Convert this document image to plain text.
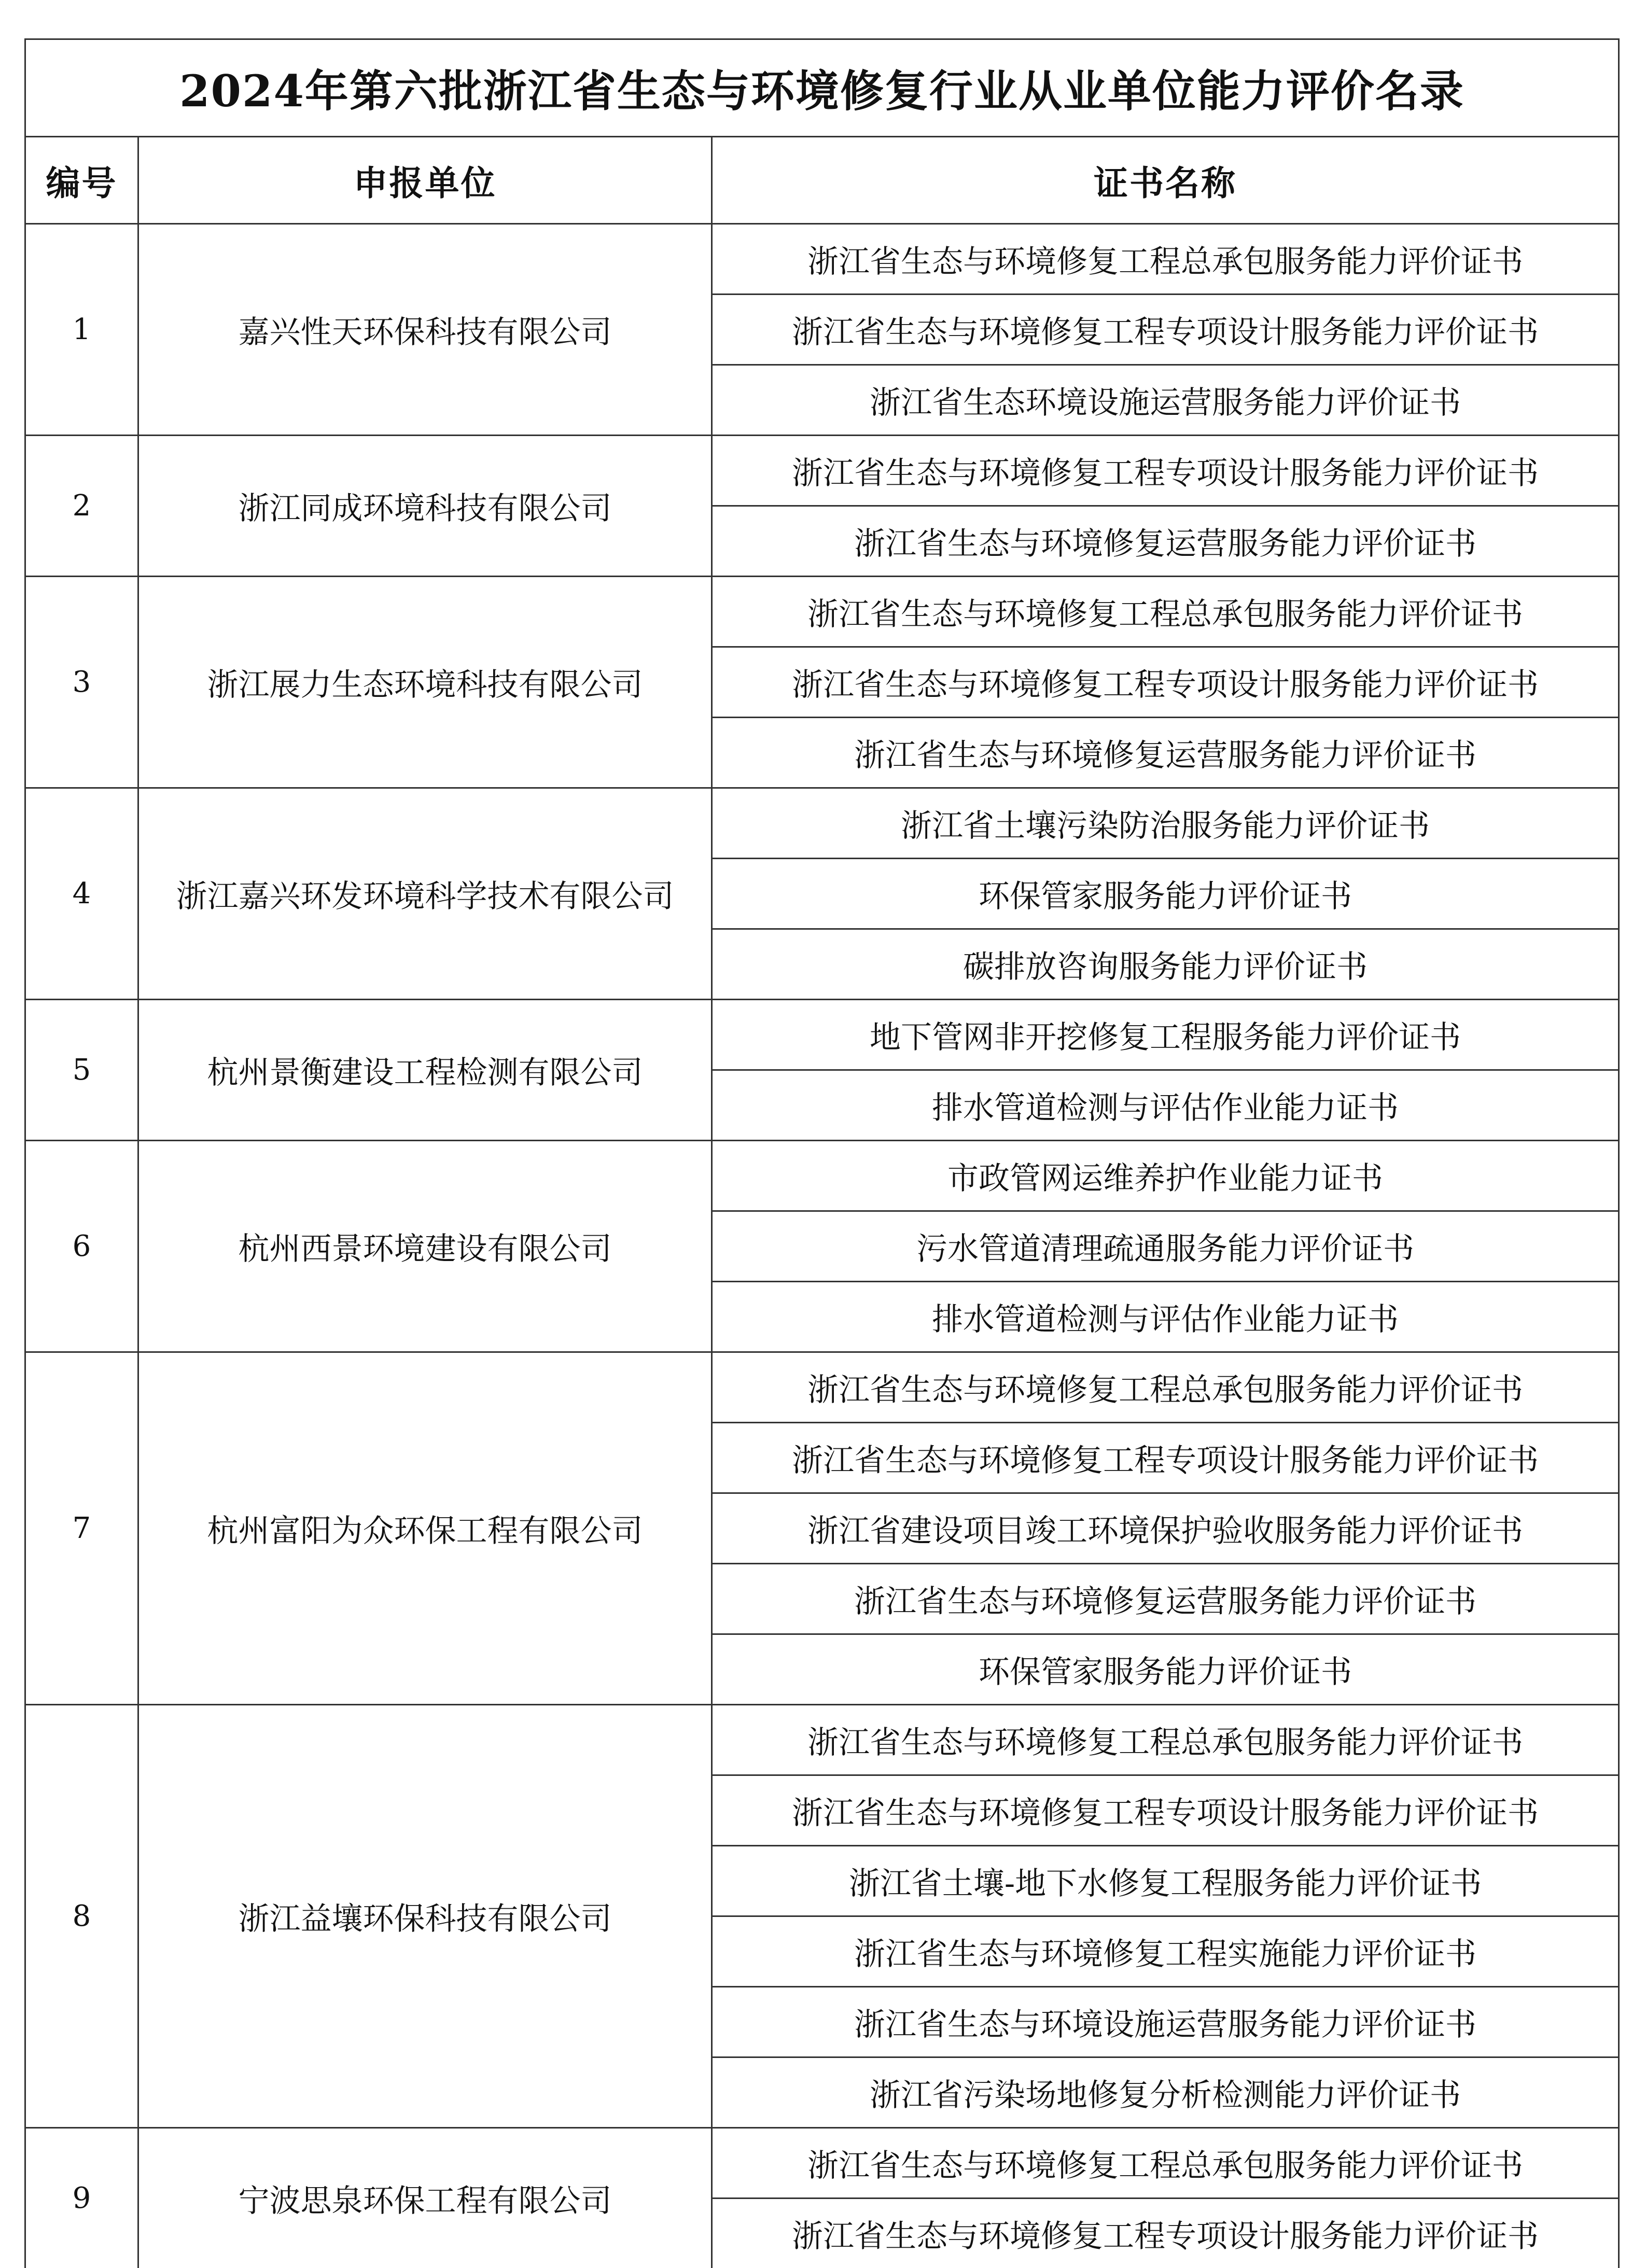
2024年第六批浙江省生态与环境修复行业从业单位能力评价名录		
编号	申报单位	证书名称
1	嘉兴性天环保科技有限公司	浙江省生态与环境修复工程总承包服务能力评价证书
		浙江省生态与环境修复工程专项设计服务能力评价证书
		浙江省生态环境设施运营服务能力评价证书
2	浙江同成环境科技有限公司	浙江省生态与环境修复工程专项设计服务能力评价证书
		浙江省生态与环境修复运营服务能力评价证书
3	浙江展力生态环境科技有限公司	浙江省生态与环境修复工程总承包服务能力评价证书
		浙江省生态与环境修复工程专项设计服务能力评价证书
		浙江省生态与环境修复运营服务能力评价证书
4	浙江嘉兴环发环境科学技术有限公司	浙江省土壤污染防治服务能力评价证书
		环保管家服务能力评价证书
		碳排放咨询服务能力评价证书
5	杭州景衡建设工程检测有限公司	地下管网非开挖修复工程服务能力评价证书
		排水管道检测与评估作业能力证书
6	杭州西景环境建设有限公司	市政管网运维养护作业能力证书
		污水管道清理疏通服务能力评价证书
		排水管道检测与评估作业能力证书
7	杭州富阳为众环保工程有限公司	浙江省生态与环境修复工程总承包服务能力评价证书
		浙江省生态与环境修复工程专项设计服务能力评价证书
		浙江省建设项目竣工环境保护验收服务能力评价证书
		浙江省生态与环境修复运营服务能力评价证书
		环保管家服务能力评价证书
8	浙江益壤环保科技有限公司	浙江省生态与环境修复工程总承包服务能力评价证书
		浙江省生态与环境修复工程专项设计服务能力评价证书
		浙江省土壤-地下水修复工程服务能力评价证书
		浙江省生态与环境修复工程实施能力评价证书
		浙江省生态与环境设施运营服务能力评价证书
		浙江省污染场地修复分析检测能力评价证书
9	宁波思泉环保工程有限公司	浙江省生态与环境修复工程总承包服务能力评价证书
		浙江省生态与环境修复工程专项设计服务能力评价证书
